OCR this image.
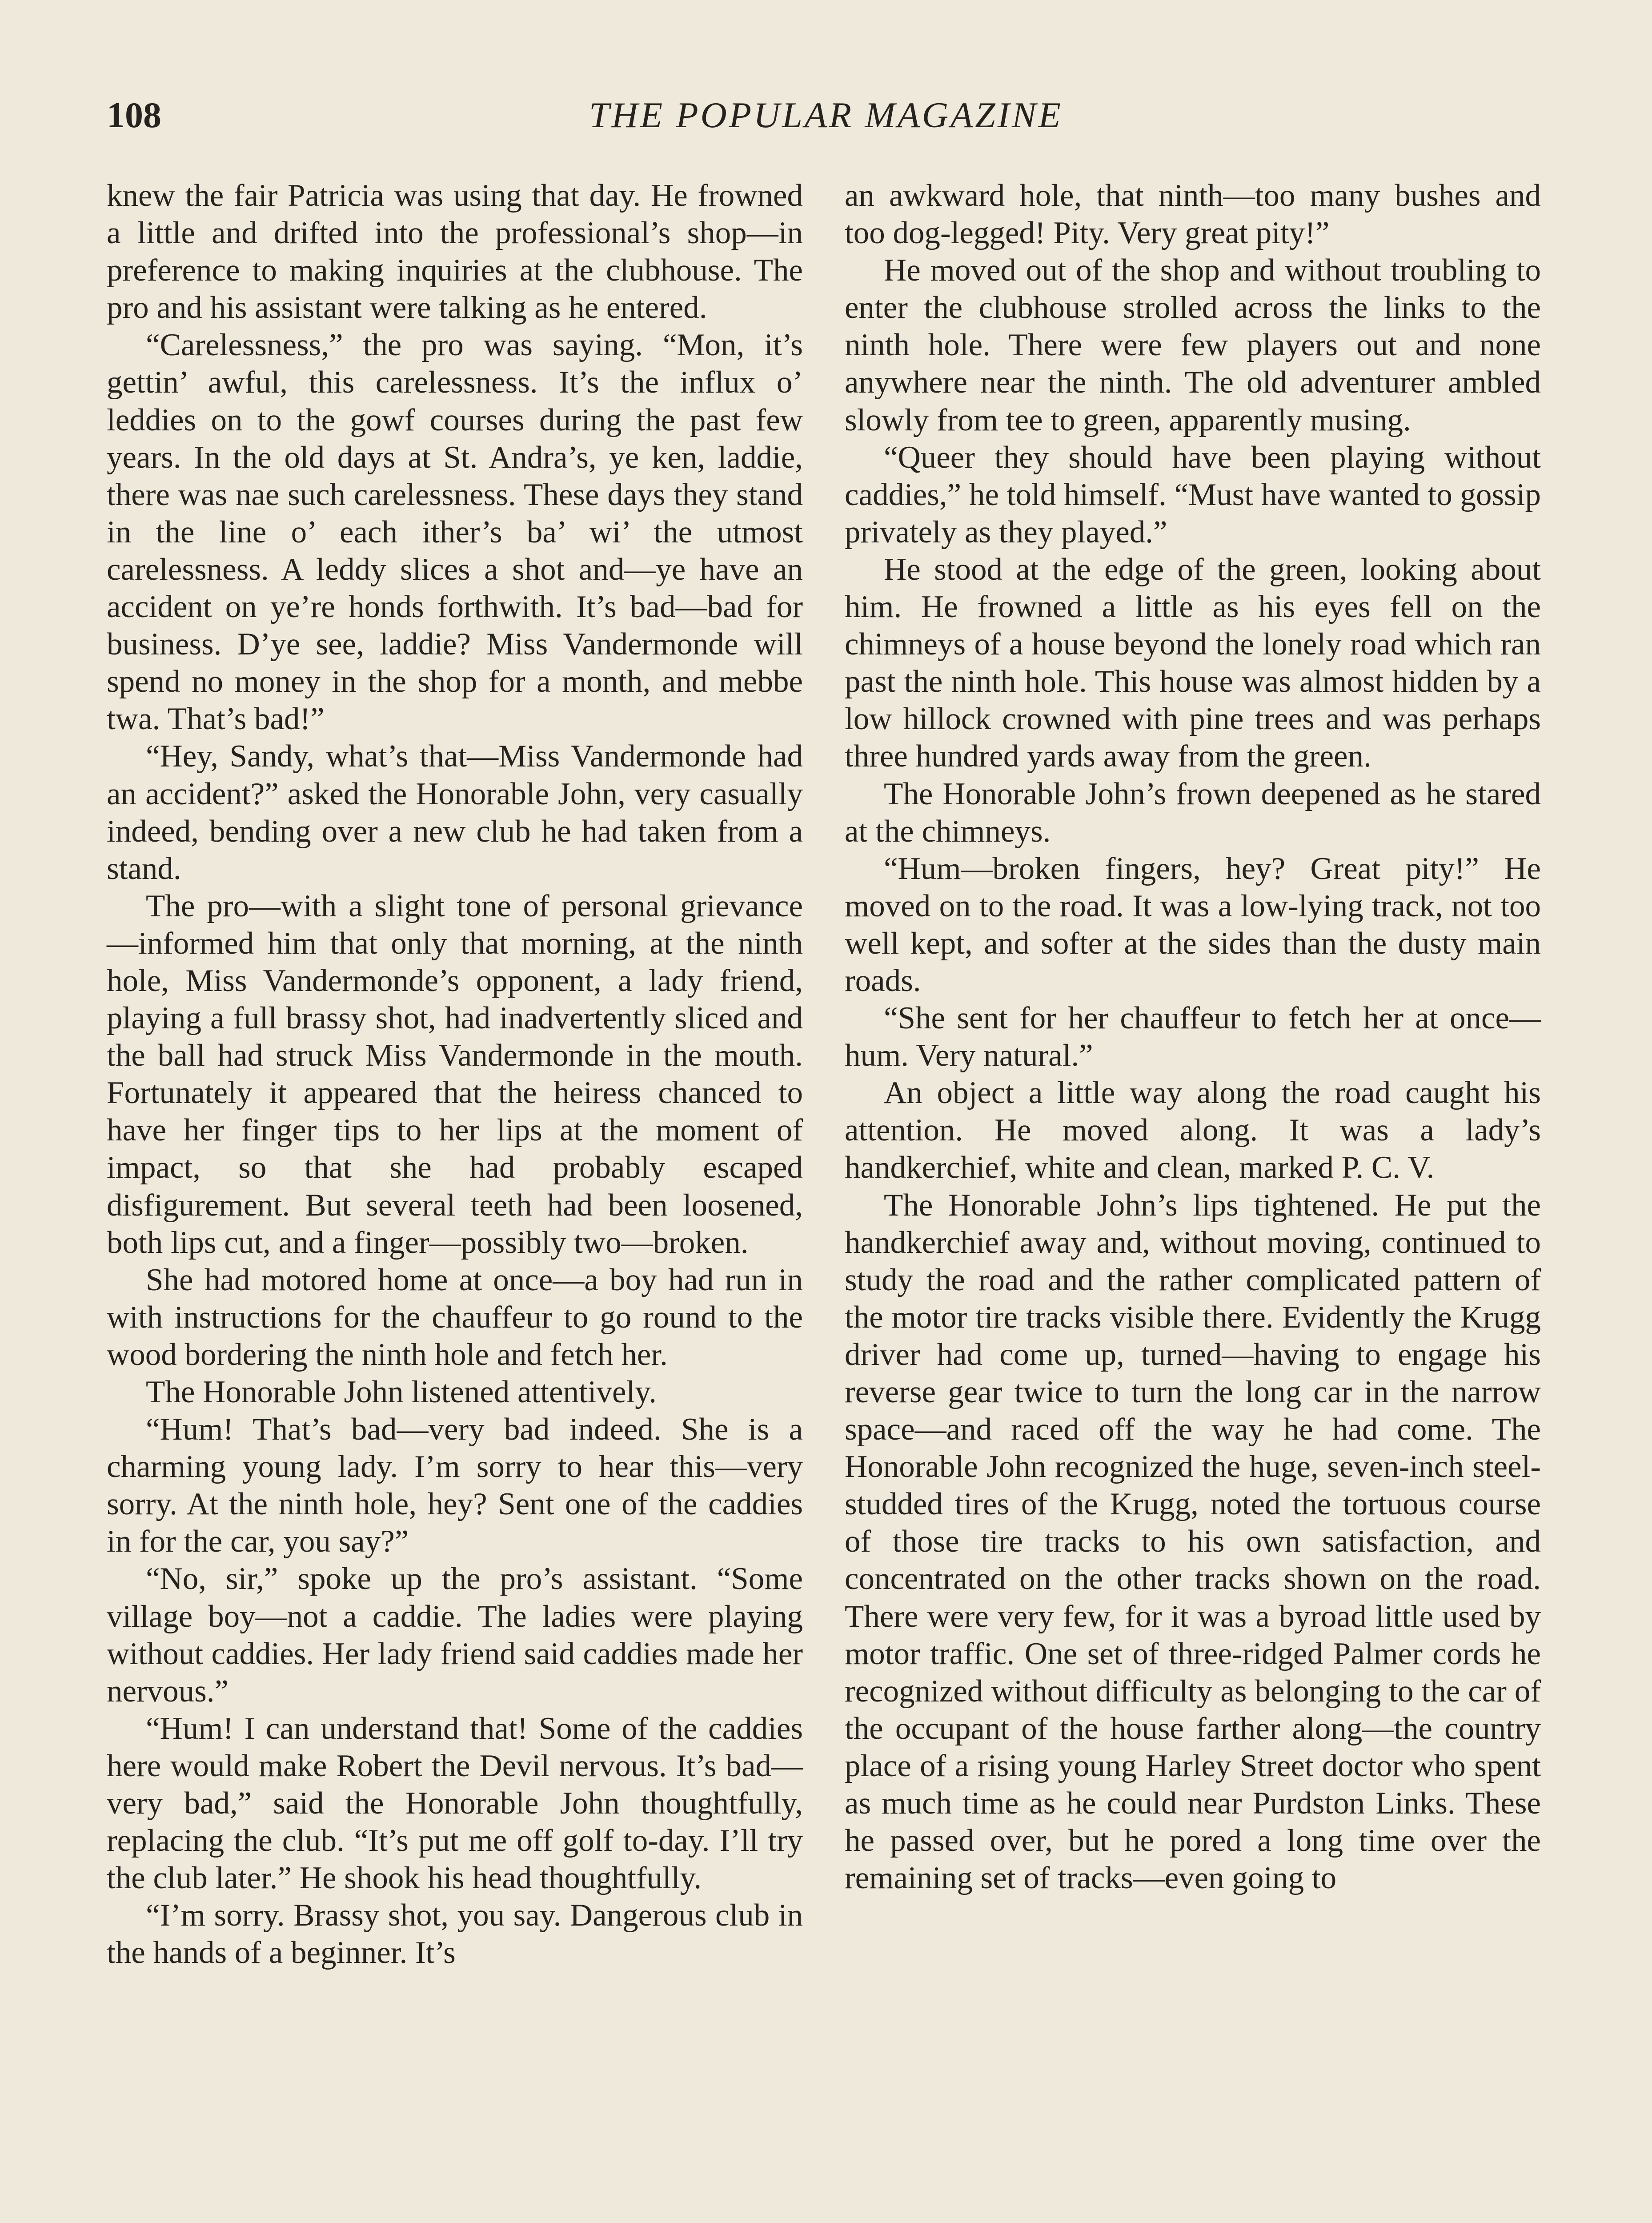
108	THE POPULAR MAGAZINE

knew the fair Patricia was using that day. He frowned a little and drifted into the professional’s shop—in preference to making inquiries at the clubhouse. The pro and his assistant were talking as he entered.

“Carelessness,” the pro was saying. “Mon, it’s gettin’ awful, this carelessness. It’s the influx o’ leddies on to the gowf courses during the past few years. In the old days at St. Andra’s, ye ken, laddie, there was nae such carelessness. These days they stand in the line o’ each ither’s ba’ wi’ the utmost carelessness. A leddy slices a shot and—ye have an accident on ye’re honds forthwith. It’s bad—bad for business. D’ye see, laddie? Miss Vandermonde will spend no money in the shop for a month, and mebbe twa. That’s bad!”

“Hey, Sandy, what’s that—Miss Vandermonde had an accident?” asked the Honorable John, very casually indeed, bending over a new club he had taken from a stand.

The pro—with a slight tone of personal grievance—informed him that only that morning, at the ninth hole, Miss Vandermonde’s opponent, a lady friend, playing a full brassy shot, had inadvertently sliced and the ball had struck Miss Vandermonde in the mouth. Fortunately it appeared that the heiress chanced to have her finger tips to her lips at the moment of impact, so that she had probably escaped disfigurement. But several teeth had been loosened, both lips cut, and a finger—possibly two—broken.

She had motored home at once—a boy had run in with instructions for the chauffeur to go round to the wood bordering the ninth hole and fetch her.

The Honorable John listened attentively.

“Hum! That’s bad—very bad indeed. She is a charming young lady. I’m sorry to hear this—very sorry. At the ninth hole, hey? Sent one of the caddies in for the car, you say?”

“No, sir,” spoke up the pro’s assistant. “Some village boy—not a caddie. The ladies were playing without caddies. Her lady friend said caddies made her nervous.”

“Hum! I can understand that! Some of the caddies here would make Robert the Devil nervous. It’s bad—very bad,” said the Honorable John thoughtfully, replacing the club. “It’s put me off golf to-day. I’ll try the club later.” He shook his head thoughtfully.

“I’m sorry. Brassy shot, you say. Dangerous club in the hands of a beginner. It’s

an awkward hole, that ninth—too many bushes and too dog-legged! Pity. Very great pity!”

He moved out of the shop and without troubling to enter the clubhouse strolled across the links to the ninth hole. There were few players out and none anywhere near the ninth. The old adventurer ambled slowly from tee to green, apparently musing.

“Queer they should have been playing without caddies,” he told himself. “Must have wanted to gossip privately as they played.”

He stood at the edge of the green, looking about him. He frowned a little as his eyes fell on the chimneys of a house beyond the lonely road which ran past the ninth hole. This house was almost hidden by a low hillock crowned with pine trees and was perhaps three hundred yards away from the green.

The Honorable John’s frown deepened as he stared at the chimneys.

“Hum—broken fingers, hey? Great pity!” He moved on to the road. It was a low-lying track, not too well kept, and softer at the sides than the dusty main roads.

“She sent for her chauffeur to fetch her at once—hum. Very natural.”

An object a little way along the road caught his attention. He moved along. It was a lady’s handkerchief, white and clean, marked P. C. V.

The Honorable John’s lips tightened. He put the handkerchief away and, without moving, continued to study the road and the rather complicated pattern of the motor tire tracks visible there. Evidently the Krugg driver had come up, turned—having to engage his reverse gear twice to turn the long car in the narrow space—and raced off the way he had come. The Honorable John recognized the huge, seven-inch steel-studded tires of the Krugg, noted the tortuous course of those tire tracks to his own satisfaction, and concentrated on the other tracks shown on the road. There were very few, for it was a byroad little used by motor traffic. One set of three-ridged Palmer cords he recognized without difficulty as belonging to the car of the occupant of the house farther along—the country place of a rising young Harley Street doctor who spent as much time as he could near Purdston Links. These he passed over, but he pored a long time over the remaining set of tracks—even going to
